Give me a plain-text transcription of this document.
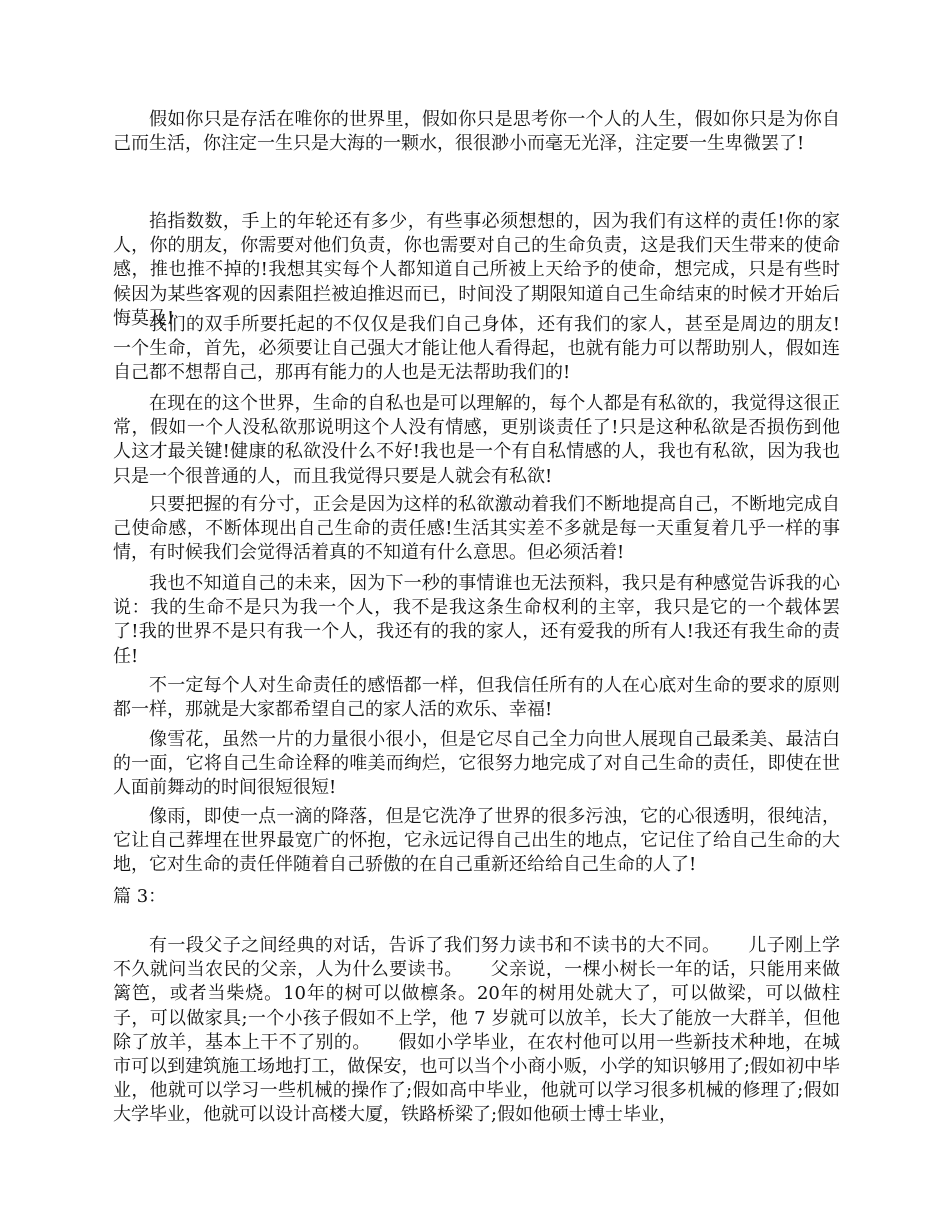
假如你只是存活在唯你的世界里，假如你只是思考你一个人的人生，假如你只是为你自己而生活，你注定一生只是大海的一颗水，很很渺小而毫无光泽，注定要一生卑微罢了!

掐指数数，手上的年轮还有多少，有些事必须想想的，因为我们有这样的责任!你的家人，你的朋友，你需要对他们负责，你也需要对自己的生命负责，这是我们天生带来的使命感，推也推不掉的!我想其实每个人都知道自己所被上天给予的使命，想完成，只是有些时候因为某些客观的因素阻拦被迫推迟而已，时间没了期限知道自己生命结束的时候才开始后悔莫及!

我们的双手所要托起的不仅仅是我们自己身体，还有我们的家人，甚至是周边的朋友!一个生命，首先，必须要让自己强大才能让他人看得起，也就有能力可以帮助别人，假如连自己都不想帮自己，那再有能力的人也是无法帮助我们的!

在现在的这个世界，生命的自私也是可以理解的，每个人都是有私欲的，我觉得这很正常，假如一个人没私欲那说明这个人没有情感，更别谈责任了!只是这种私欲是否损伤到他人这才最关键!健康的私欲没什么不好!我也是一个有自私情感的人，我也有私欲，因为我也只是一个很普通的人，而且我觉得只要是人就会有私欲!

只要把握的有分寸，正会是因为这样的私欲激动着我们不断地提高自己，不断地完成自己使命感，不断体现出自己生命的责任感!生活其实差不多就是每一天重复着几乎一样的事情，有时候我们会觉得活着真的不知道有什么意思。但必须活着!

我也不知道自己的未来，因为下一秒的事情谁也无法预料，我只是有种感觉告诉我的心说：我的生命不是只为我一个人，我不是我这条生命权利的主宰，我只是它的一个载体罢了!我的世界不是只有我一个人，我还有的我的家人，还有爱我的所有人!我还有我生命的责任!

不一定每个人对生命责任的感悟都一样，但我信任所有的人在心底对生命的要求的原则都一样，那就是大家都希望自己的家人活的欢乐、幸福!

像雪花，虽然一片的力量很小很小，但是它尽自己全力向世人展现自己最柔美、最洁白的一面，它将自己生命诠释的唯美而绚烂，它很努力地完成了对自己生命的责任，即使在世人面前舞动的时间很短很短!

像雨，即使一点一滴的降落，但是它洗净了世界的很多污浊，它的心很透明，很纯洁，它让自己葬埋在世界最宽广的怀抱，它永远记得自己出生的地点，它记住了给自己生命的大地，它对生命的责任伴随着自己骄傲的在自己重新还给给自己生命的人了!

篇 3：

有一段父子之间经典的对话，告诉了我们努力读书和不读书的大不同。　　儿子刚上学不久就问当农民的父亲，人为什么要读书。　　父亲说，一棵小树长一年的话，只能用来做篱笆，或者当柴烧。10年的树可以做檩条。20年的树用处就大了，可以做梁，可以做柱子，可以做家具;一个小孩子假如不上学，他 7 岁就可以放羊，长大了能放一大群羊，但他除了放羊，基本上干不了别的。　　假如小学毕业，在农村他可以用一些新技术种地，在城市可以到建筑施工场地打工，做保安，也可以当个小商小贩，小学的知识够用了;假如初中毕业，他就可以学习一些机械的操作了;假如高中毕业，他就可以学习很多机械的修理了;假如大学毕业，他就可以设计高楼大厦，铁路桥梁了;假如他硕士博士毕业，
